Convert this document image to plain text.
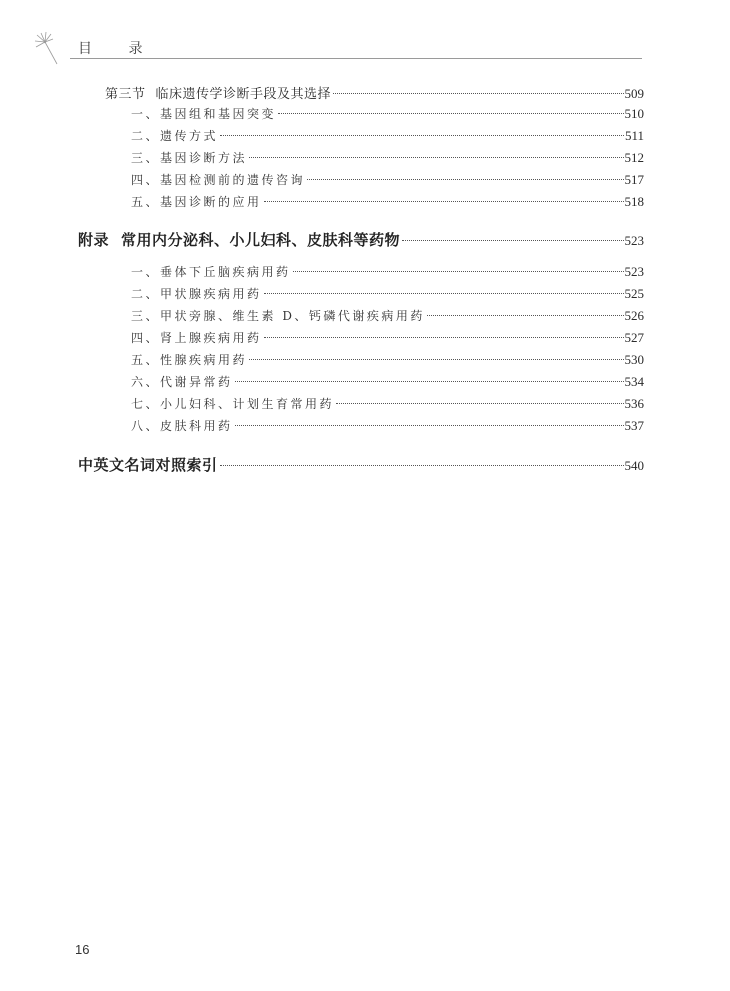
目 录
第三节 临床遗传学诊断手段及其选择	509
一、基因组和基因突变	510
二、遗传方式	511
三、基因诊断方法	512
四、基因检测前的遗传咨询	517
五、基因诊断的应用	518
附录 常用内分泌科、小儿妇科、皮肤科等药物	523
一、垂体下丘脑疾病用药	523
二、甲状腺疾病用药	525
三、甲状旁腺、维生素 D、钙磷代谢疾病用药	526
四、肾上腺疾病用药	527
五、性腺疾病用药	530
六、代谢异常药	534
七、小儿妇科、计划生育常用药	536
八、皮肤科用药	537
中英文名词对照索引	540
16
